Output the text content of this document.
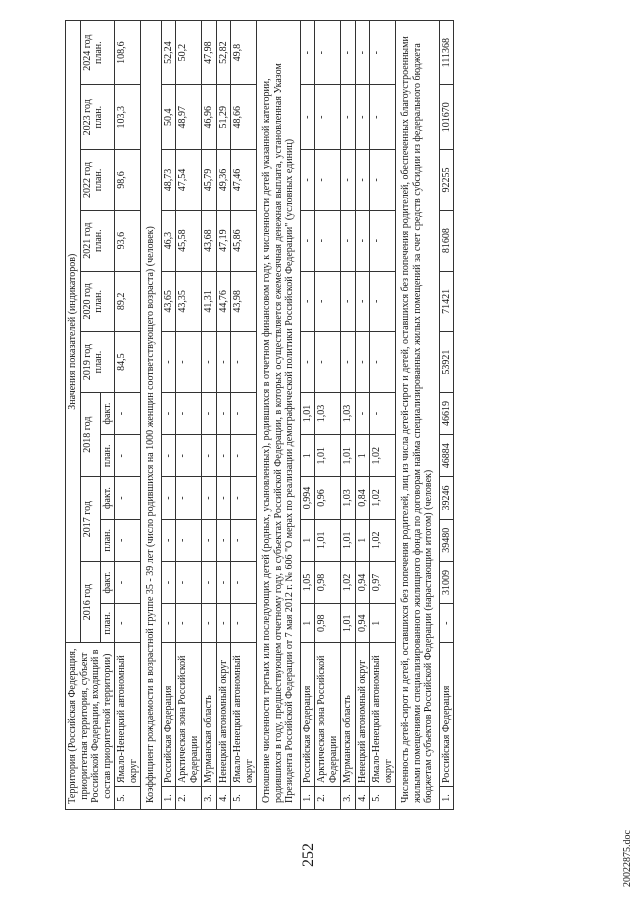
252	20022875.doc
Территория (Российская Федерация, приоритетная территория, субъект Российской Федерации, входящий в состав приоритетной территории)		Значения показателей (индикаторов)											
		2016 год		2017 год		2018 год		2019 год план.	2020 год план.	2021 год план.	2022 год план.	2023 год план.	2024 год план.
		план.	факт.	план.	факт.	план.	факт.						
5.	Ямало-Ненецкий автономный округ	-	-	-	-	-	-	84,5	89,2	93,6	98,6	103,3	108,6
Коэффициент рождаемости в возрастной группе 35 - 39 лет (число родившихся на 1000 женщин соответствующего возраста) (человек)													
1.	Российская Федерация	-	-	-	-	-	-	-	43,65	46,3	48,73	50,4	52,24
2.	Арктическая зона Российской Федерации	-	-	-	-	-	-	-	43,35	45,58	47,54	48,97	50,2
3.	Мурманская область	-	-	-	-	-	-	-	41,31	43,68	45,79	46,96	47,98
4.	Ненецкий автономный округ	-	-	-	-	-	-	-	44,76	47,19	49,36	51,29	52,82
5.	Ямало-Ненецкий автономный округ	-	-	-	-	-	-	-	43,98	45,86	47,46	48,66	49,8
Отношение численности третьих или последующих детей (родных, усыновленных), родившихся в отчетном финансовом году, к численности детей указанной категории, родившихся в году, предшествующем отчетному году, в субъектах Российской Федерации, в которых осуществляется ежемесячная денежная выплата, установленная Указом Президента Российской Федерации от 7 мая 2012 г. № 606 "О мерах по реализации демографической политики Российской Федерации" (условных единиц)													
1.	Российская Федерация	1	1,05	1	0,994	1	1,01	-	-	-	-	-	-
2.	Арктическая зона Российской Федерации	0,98	0,98	1,01	0,96	1,01	1,03	-	-	-	-	-	-
3.	Мурманская область	1,01	1,02	1,01	1,03	1,01	1,03	-	-	-	-	-	-
4.	Ненецкий автономный округ	0,94	0,94	1	0,84	1	-	-	-	-	-	-	-
5.	Ямало-Ненецкий автономный округ	1	0,97	1,02	1,02	1,02	-	-	-	-	-	-	-
Численность детей-сирот и детей, оставшихся без попечения родителей, лиц из числа детей-сирот и детей, оставшихся без попечения родителей, обеспеченных благоустроенными жилыми помещениями специализированного жилищного фонда по договорам найма специализированных жилых помещений за счет средств субсидии из федерального бюджета бюджетам субъектов Российской Федерации (нарастающим итогом) (человек)													
1.	Российская Федерация	-	31009	39480	39246	46884	46619	53921	71421	81608	92255	101670	111368
